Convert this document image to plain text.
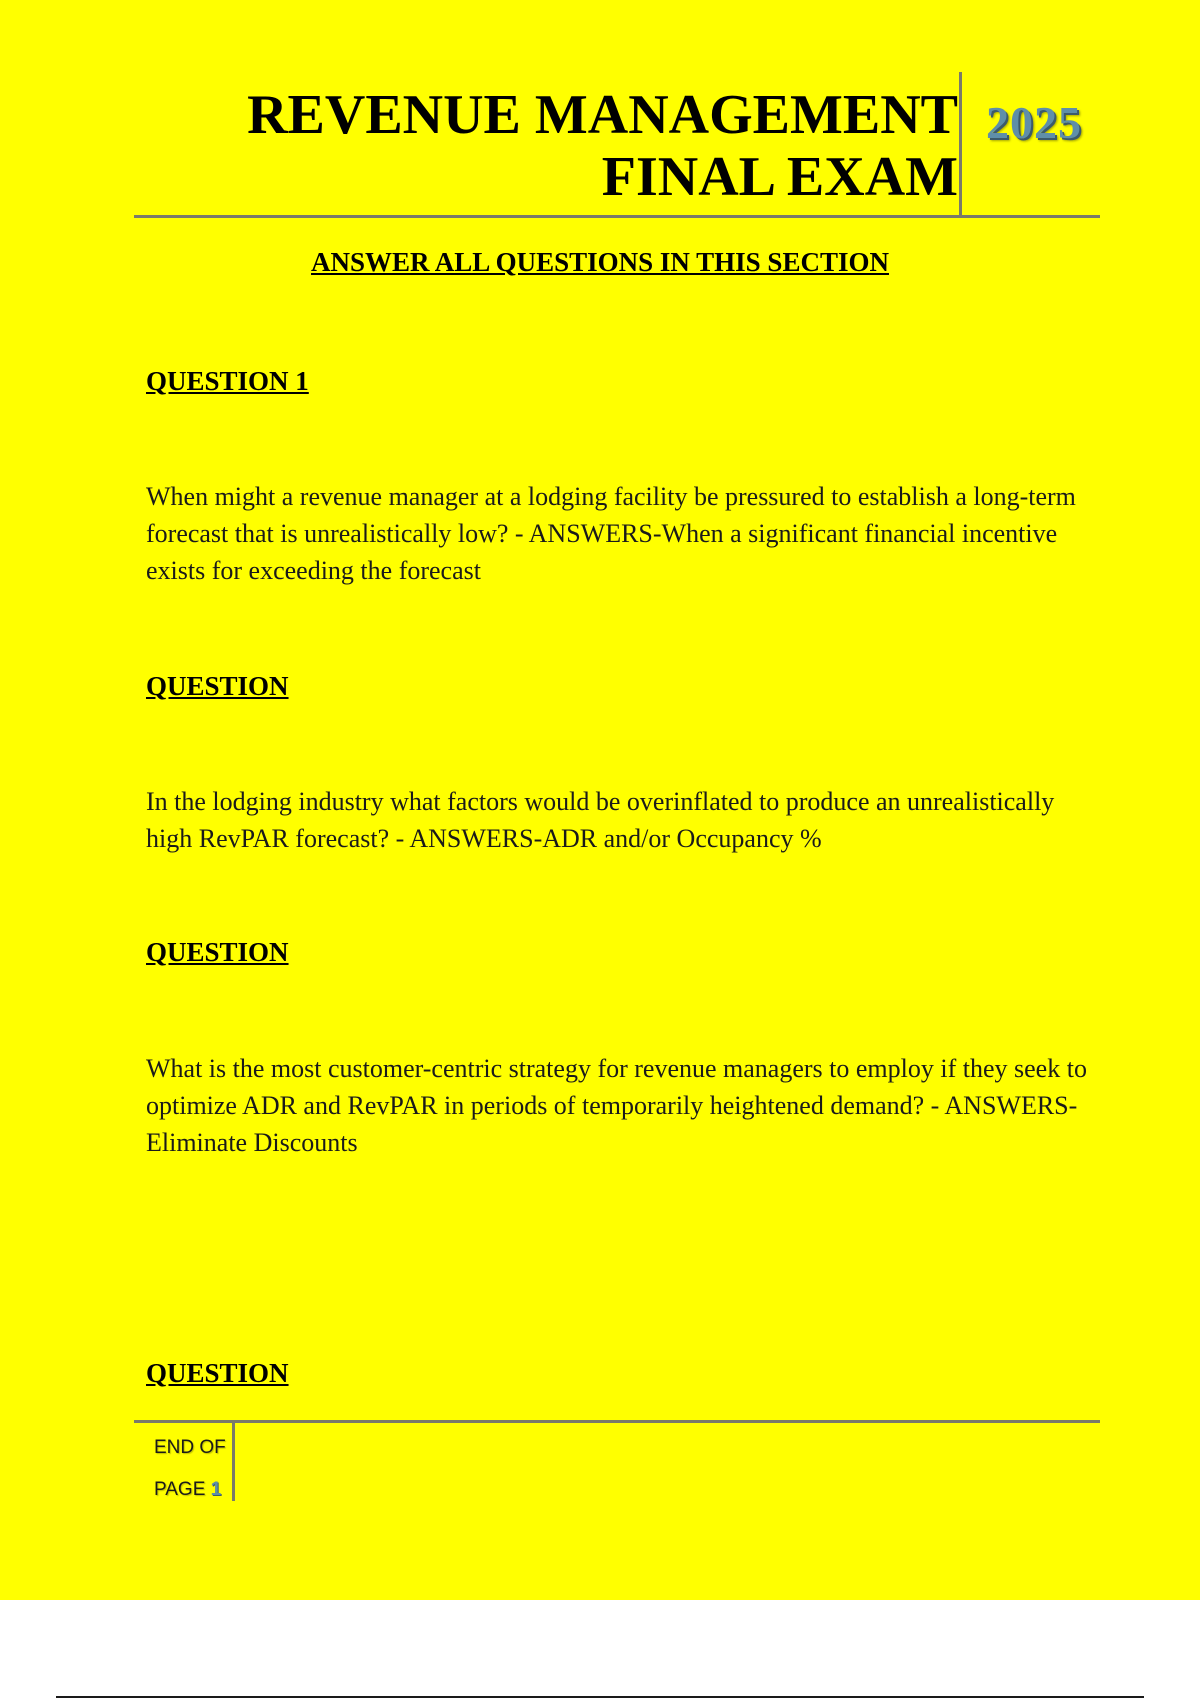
REVENUE MANAGEMENT
FINAL EXAM
2025
ANSWER ALL QUESTIONS IN THIS SECTION
QUESTION 1
When might a revenue manager at a lodging facility be pressured to establish a long-term forecast that is unrealistically low? - ANSWERS-When a significant financial incentive exists for exceeding the forecast
QUESTION
In the lodging industry what factors would be overinflated to produce an unrealistically high RevPAR forecast? - ANSWERS-ADR and/or Occupancy %
QUESTION
What is the most customer-centric strategy for revenue managers to employ if they seek to optimize ADR and RevPAR in periods of temporarily heightened demand? - ANSWERS-Eliminate Discounts
QUESTION
END OF
PAGE 1
